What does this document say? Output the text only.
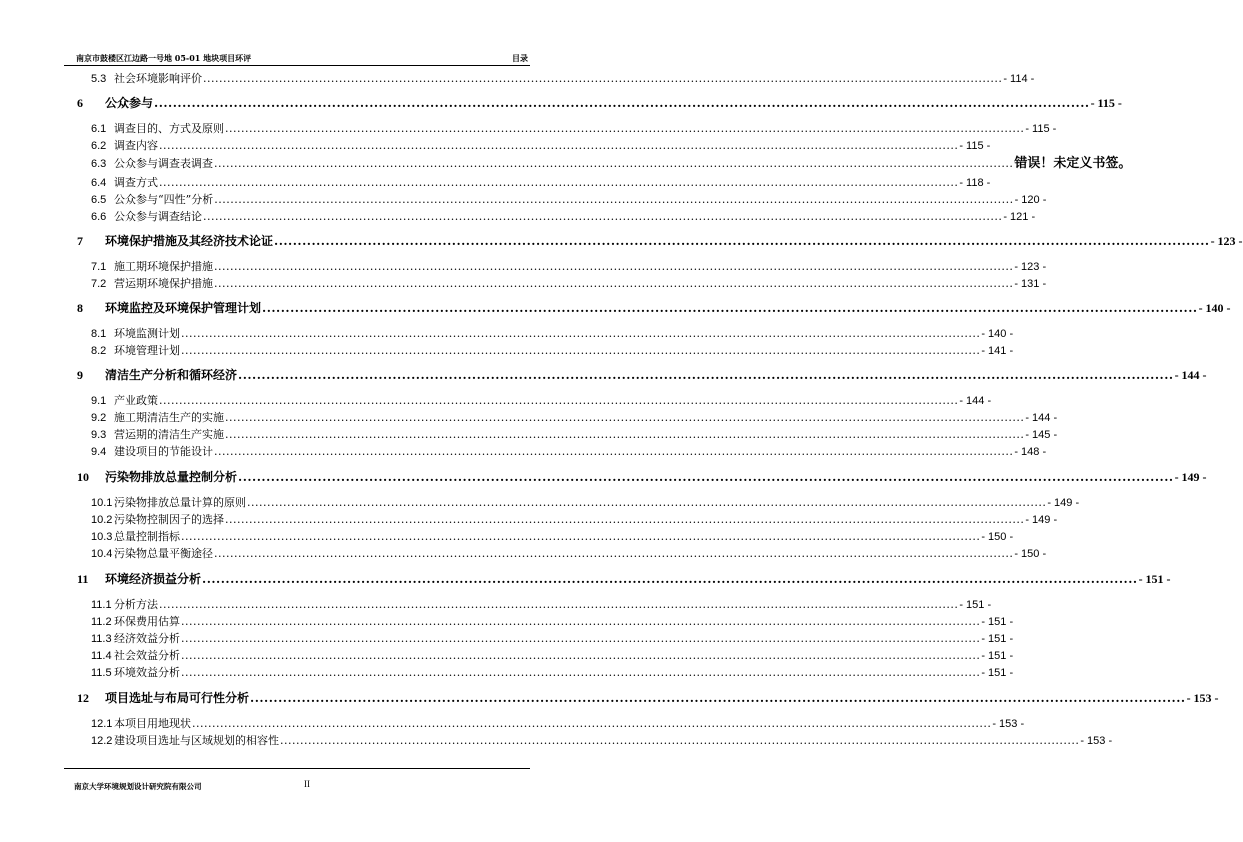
南京市鼓楼区江边路一号地 05-01 地块项目环评	目录
5.3 社会环境影响评价 ........................................................................................................................................................................................................ - 114 -
6	公众参与 ........................................................................................................................................................................................................ - 115 -
6.1 调查目的、方式及原则 ........................................................................................................................................................................................................ - 115 -
6.2 调查内容 ........................................................................................................................................................................................................ - 115 -
6.3 公众参与调查表调查 ........................................................................................................................................................................................................ 错误！未定义书签。
6.4 调查方式 ........................................................................................................................................................................................................ - 118 -
6.5 公众参与“四性”分析 ........................................................................................................................................................................................................ - 120 -
6.6 公众参与调查结论 ........................................................................................................................................................................................................ - 121 -
7	环境保护措施及其经济技术论证 ........................................................................................................................................................................................................ - 123 -
7.1 施工期环境保护措施 ........................................................................................................................................................................................................ - 123 -
7.2 营运期环境保护措施 ........................................................................................................................................................................................................ - 131 -
8	环境监控及环境保护管理计划 ........................................................................................................................................................................................................ - 140 -
8.1 环境监测计划 ........................................................................................................................................................................................................ - 140 -
8.2 环境管理计划 ........................................................................................................................................................................................................ - 141 -
9	清洁生产分析和循环经济 ........................................................................................................................................................................................................ - 144 -
9.1 产业政策 ........................................................................................................................................................................................................ - 144 -
9.2 施工期清洁生产的实施 ........................................................................................................................................................................................................ - 144 -
9.3 营运期的清洁生产实施 ........................................................................................................................................................................................................ - 145 -
9.4 建设项目的节能设计 ........................................................................................................................................................................................................ - 148 -
10	污染物排放总量控制分析 ........................................................................................................................................................................................................ - 149 -
10.1 污染物排放总量计算的原则 ........................................................................................................................................................................................................ - 149 -
10.2 污染物控制因子的选择 ........................................................................................................................................................................................................ - 149 -
10.3 总量控制指标 ........................................................................................................................................................................................................ - 150 -
10.4 污染物总量平衡途径 ........................................................................................................................................................................................................ - 150 -
11	环境经济损益分析 ........................................................................................................................................................................................................ - 151 -
11.1 分析方法 ........................................................................................................................................................................................................ - 151 -
11.2 环保费用估算 ........................................................................................................................................................................................................ - 151 -
11.3 经济效益分析 ........................................................................................................................................................................................................ - 151 -
11.4 社会效益分析 ........................................................................................................................................................................................................ - 151 -
11.5 环境效益分析 ........................................................................................................................................................................................................ - 151 -
12	项目选址与布局可行性分析 ........................................................................................................................................................................................................ - 153 -
12.1 本项目用地现状 ........................................................................................................................................................................................................ - 153 -
12.2 建设项目选址与区域规划的相容性 ........................................................................................................................................................................................................ - 153 -
南京大学环境规划设计研究院有限公司	II
